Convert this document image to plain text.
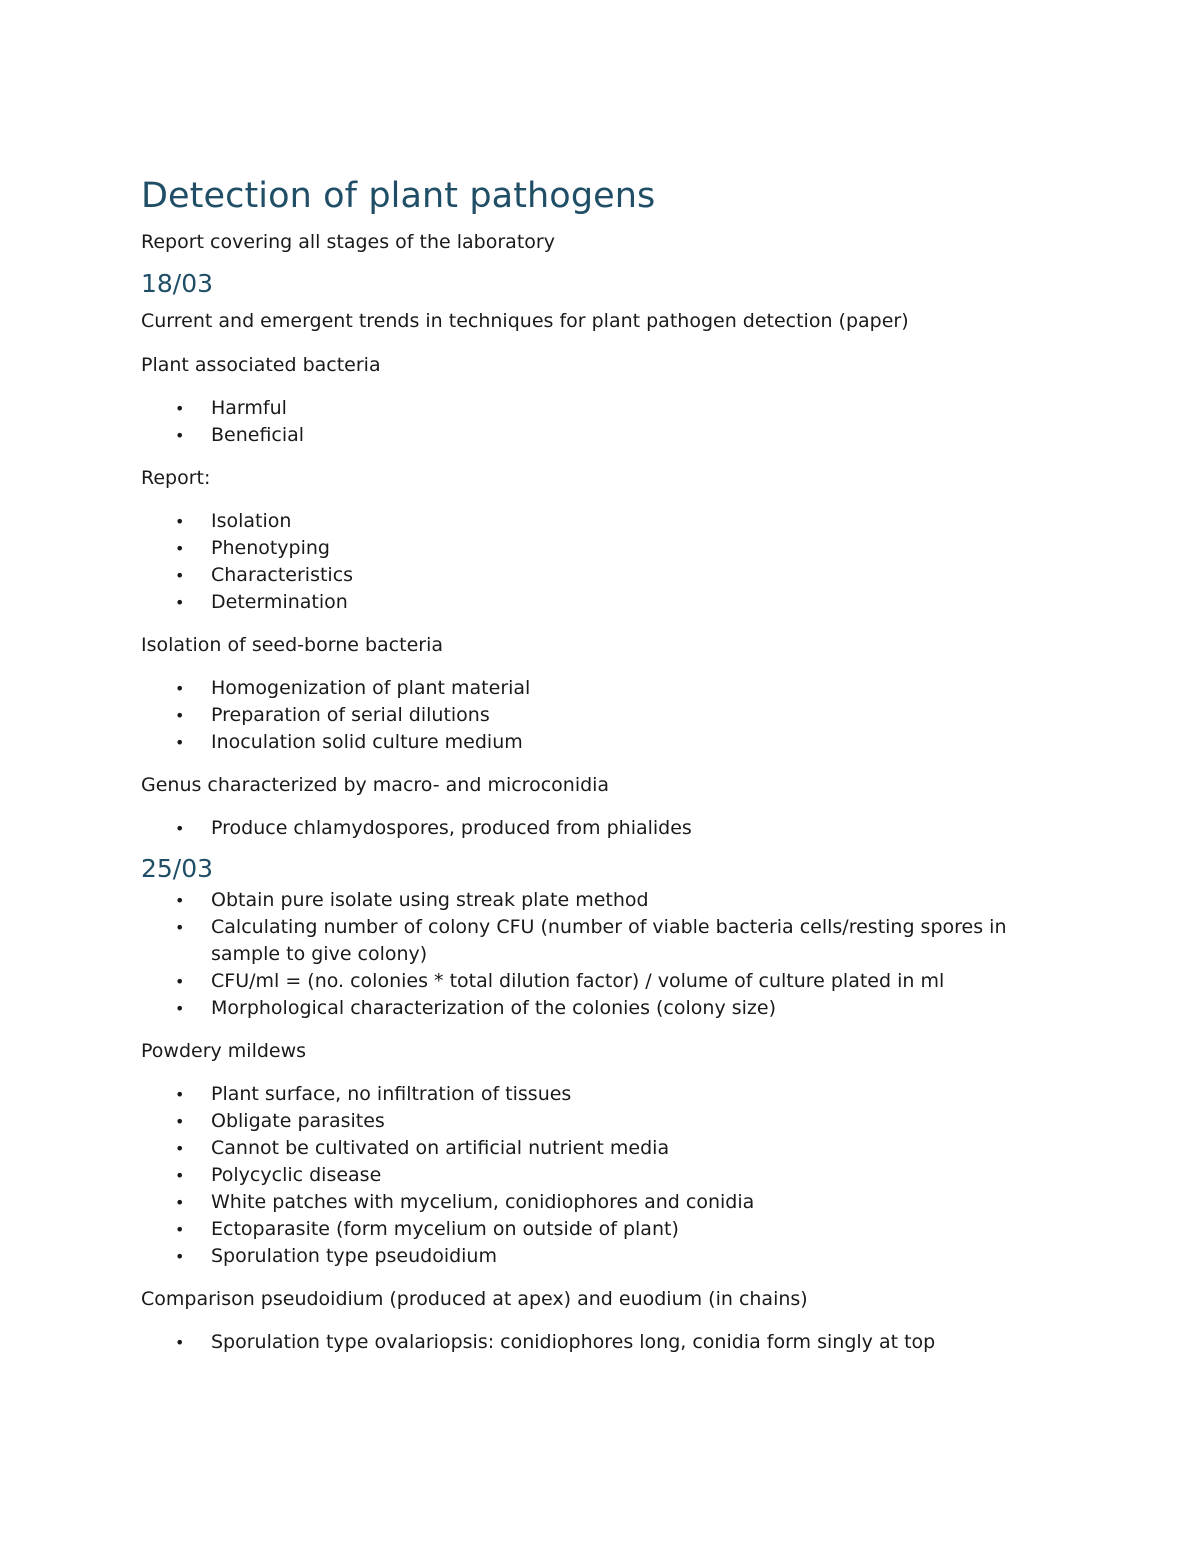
Detection of plant pathogens

Report covering all stages of the laboratory

18/03

Current and emergent trends in techniques for plant pathogen detection (paper)

Plant associated bacteria

• Harmful
• Beneficial

Report:

• Isolation
• Phenotyping
• Characteristics
• Determination

Isolation of seed-borne bacteria

• Homogenization of plant material
• Preparation of serial dilutions
• Inoculation solid culture medium

Genus characterized by macro- and microconidia

• Produce chlamydospores, produced from phialides
25/03
• Obtain pure isolate using streak plate method
• Calculating number of colony CFU (number of viable bacteria cells/resting spores in sample to give colony)
• CFU/ml = (no. colonies * total dilution factor) / volume of culture plated in ml
• Morphological characterization of the colonies (colony size)

Powdery mildews

• Plant surface, no infiltration of tissues
• Obligate parasites
• Cannot be cultivated on artificial nutrient media
• Polycyclic disease
• White patches with mycelium, conidiophores and conidia
• Ectoparasite (form mycelium on outside of plant)
• Sporulation type pseudoidium

Comparison pseudoidium (produced at apex) and euodium (in chains)

• Sporulation type ovalariopsis: conidiophores long, conidia form singly at top
